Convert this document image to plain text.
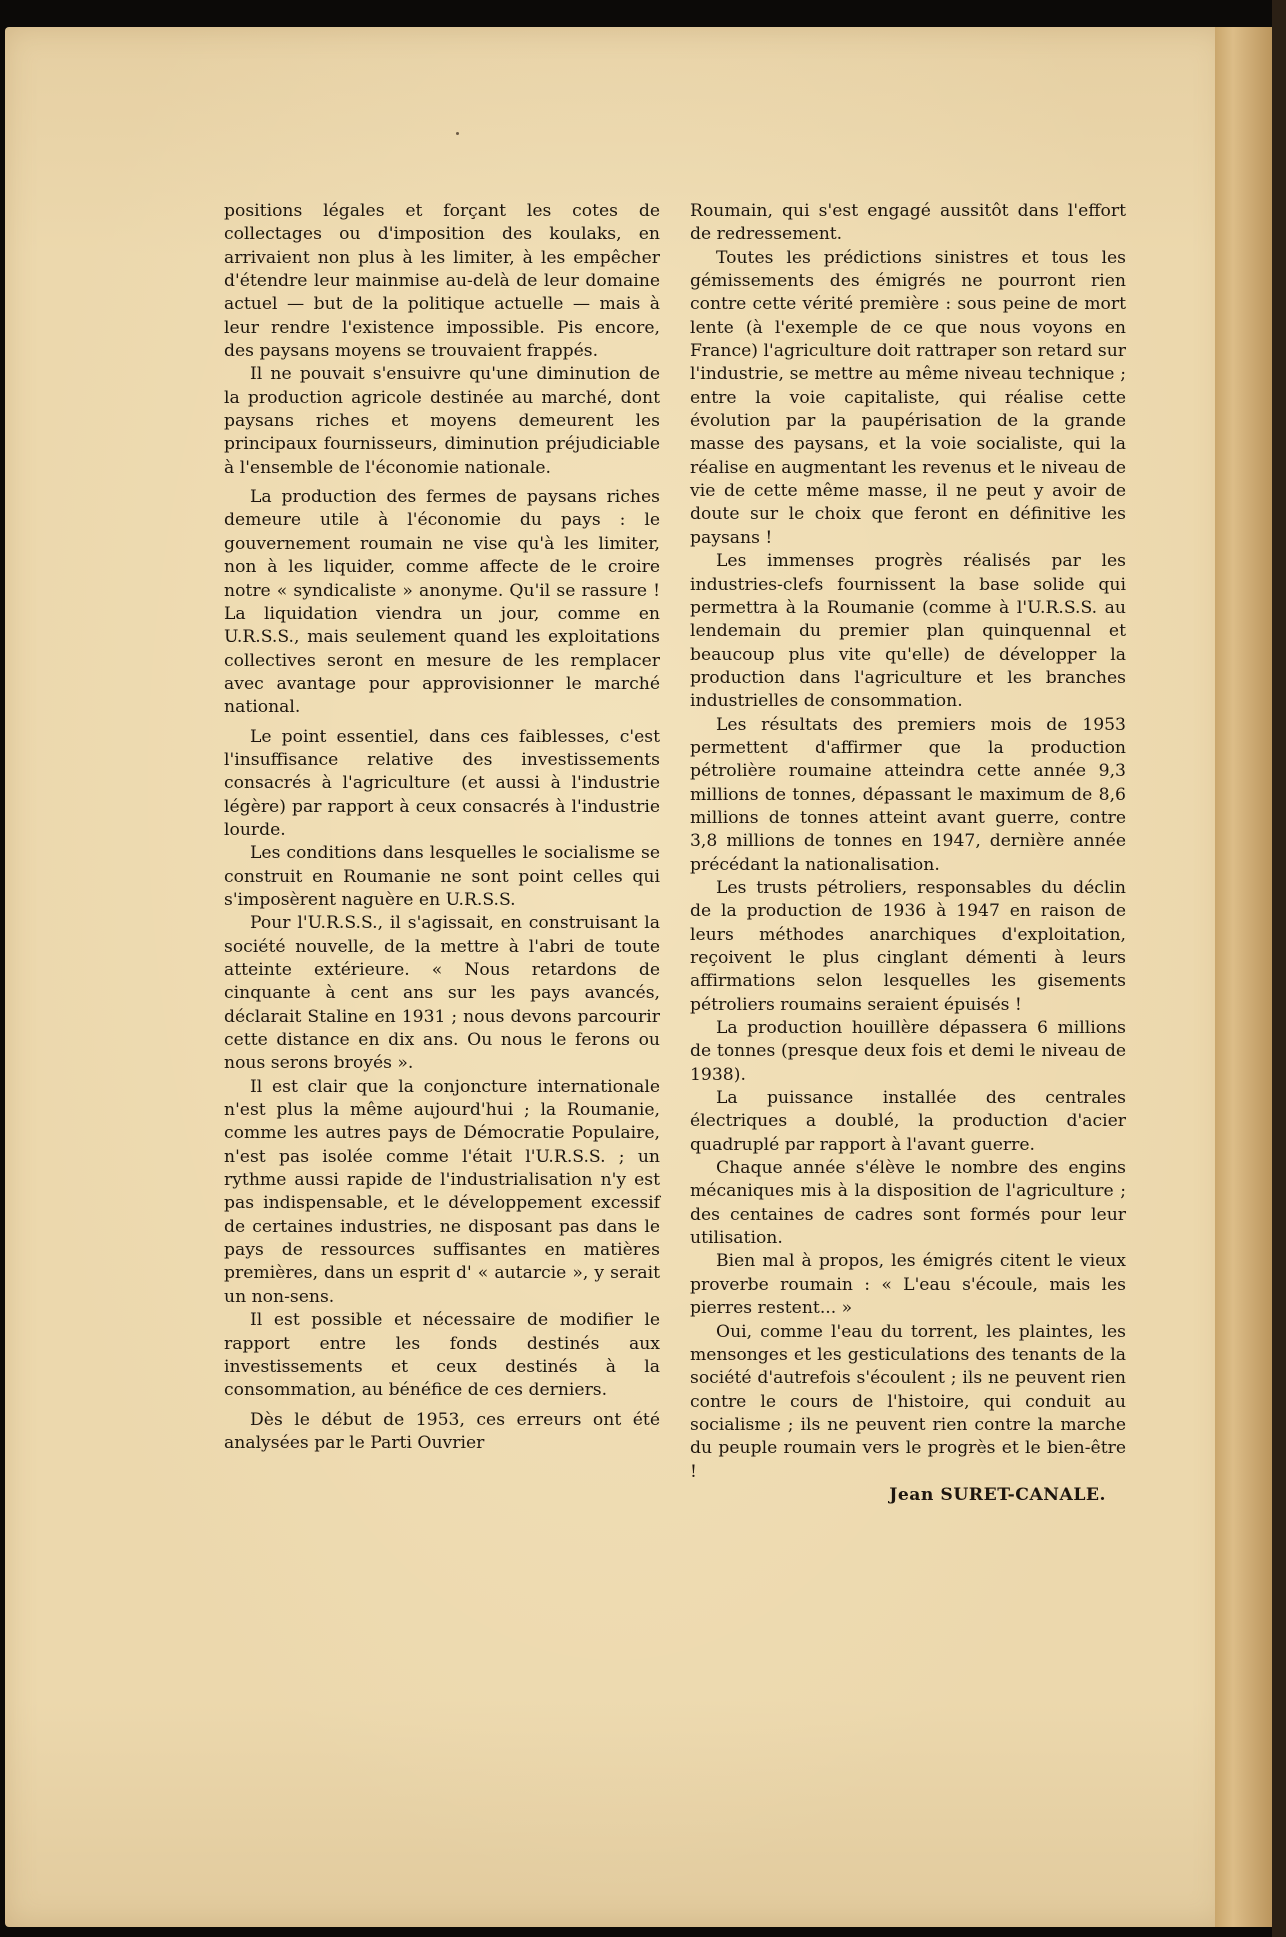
positions légales et forçant les cotes de collectages ou d'imposition des koulaks, en arrivaient non plus à les limiter, à les empêcher d'étendre leur mainmise au-delà de leur domaine actuel — but de la politique actuelle — mais à leur rendre l'existence impossible. Pis encore, des paysans moyens se trouvaient frappés.

Il ne pouvait s'ensuivre qu'une diminution de la production agricole destinée au marché, dont paysans riches et moyens demeurent les principaux fournisseurs, diminution préjudiciable à l'ensemble de l'économie nationale.

La production des fermes de paysans riches demeure utile à l'économie du pays : le gouvernement roumain ne vise qu'à les limiter, non à les liquider, comme affecte de le croire notre « syndicaliste » anonyme. Qu'il se rassure ! La liquidation viendra un jour, comme en U.R.S.S., mais seulement quand les exploitations collectives seront en mesure de les remplacer avec avantage pour approvisionner le marché national.

Le point essentiel, dans ces faiblesses, c'est l'insuffisance relative des investissements consacrés à l'agriculture (et aussi à l'industrie légère) par rapport à ceux consacrés à l'industrie lourde.

Les conditions dans lesquelles le socialisme se construit en Roumanie ne sont point celles qui s'imposèrent naguère en U.R.S.S.

Pour l'U.R.S.S., il s'agissait, en construisant la société nouvelle, de la mettre à l'abri de toute atteinte extérieure. « Nous retardons de cinquante à cent ans sur les pays avancés, déclarait Staline en 1931 ; nous devons parcourir cette distance en dix ans. Ou nous le ferons ou nous serons broyés ».

Il est clair que la conjoncture internationale n'est plus la même aujourd'hui ; la Roumanie, comme les autres pays de Démocratie Populaire, n'est pas isolée comme l'était l'U.R.S.S. ; un rythme aussi rapide de l'industrialisation n'y est pas indispensable, et le développement excessif de certaines industries, ne disposant pas dans le pays de ressources suffisantes en matières premières, dans un esprit d' « autarcie », y serait un non-sens.

Il est possible et nécessaire de modifier le rapport entre les fonds destinés aux investissements et ceux destinés à la consommation, au bénéfice de ces derniers.

Dès le début de 1953, ces erreurs ont été analysées par le Parti Ouvrier

Roumain, qui s'est engagé aussitôt dans l'effort de redressement.

Toutes les prédictions sinistres et tous les gémissements des émigrés ne pourront rien contre cette vérité première : sous peine de mort lente (à l'exemple de ce que nous voyons en France) l'agriculture doit rattraper son retard sur l'industrie, se mettre au même niveau technique ; entre la voie capitaliste, qui réalise cette évolution par la paupérisation de la grande masse des paysans, et la voie socialiste, qui la réalise en augmentant les revenus et le niveau de vie de cette même masse, il ne peut y avoir de doute sur le choix que feront en définitive les paysans !

Les immenses progrès réalisés par les industries-clefs fournissent la base solide qui permettra à la Roumanie (comme à l'U.R.S.S. au lendemain du premier plan quinquennal et beaucoup plus vite qu'elle) de développer la production dans l'agriculture et les branches industrielles de consommation.

Les résultats des premiers mois de 1953 permettent d'affirmer que la production pétrolière roumaine atteindra cette année 9,3 millions de tonnes, dépassant le maximum de 8,6 millions de tonnes atteint avant guerre, contre 3,8 millions de tonnes en 1947, dernière année précédant la nationalisation.

Les trusts pétroliers, responsables du déclin de la production de 1936 à 1947 en raison de leurs méthodes anarchiques d'exploitation, reçoivent le plus cinglant démenti à leurs affirmations selon lesquelles les gisements pétroliers roumains seraient épuisés !

La production houillère dépassera 6 millions de tonnes (presque deux fois et demi le niveau de 1938).

La puissance installée des centrales électriques a doublé, la production d'acier quadruplé par rapport à l'avant guerre.

Chaque année s'élève le nombre des engins mécaniques mis à la disposition de l'agriculture ; des centaines de cadres sont formés pour leur utilisation.

Bien mal à propos, les émigrés citent le vieux proverbe roumain : « L'eau s'écoule, mais les pierres restent... »

Oui, comme l'eau du torrent, les plaintes, les mensonges et les gesticulations des tenants de la société d'autrefois s'écoulent ; ils ne peuvent rien contre le cours de l'histoire, qui conduit au socialisme ; ils ne peuvent rien contre la marche du peuple roumain vers le progrès et le bien-être !

Jean SURET-CANALE.
